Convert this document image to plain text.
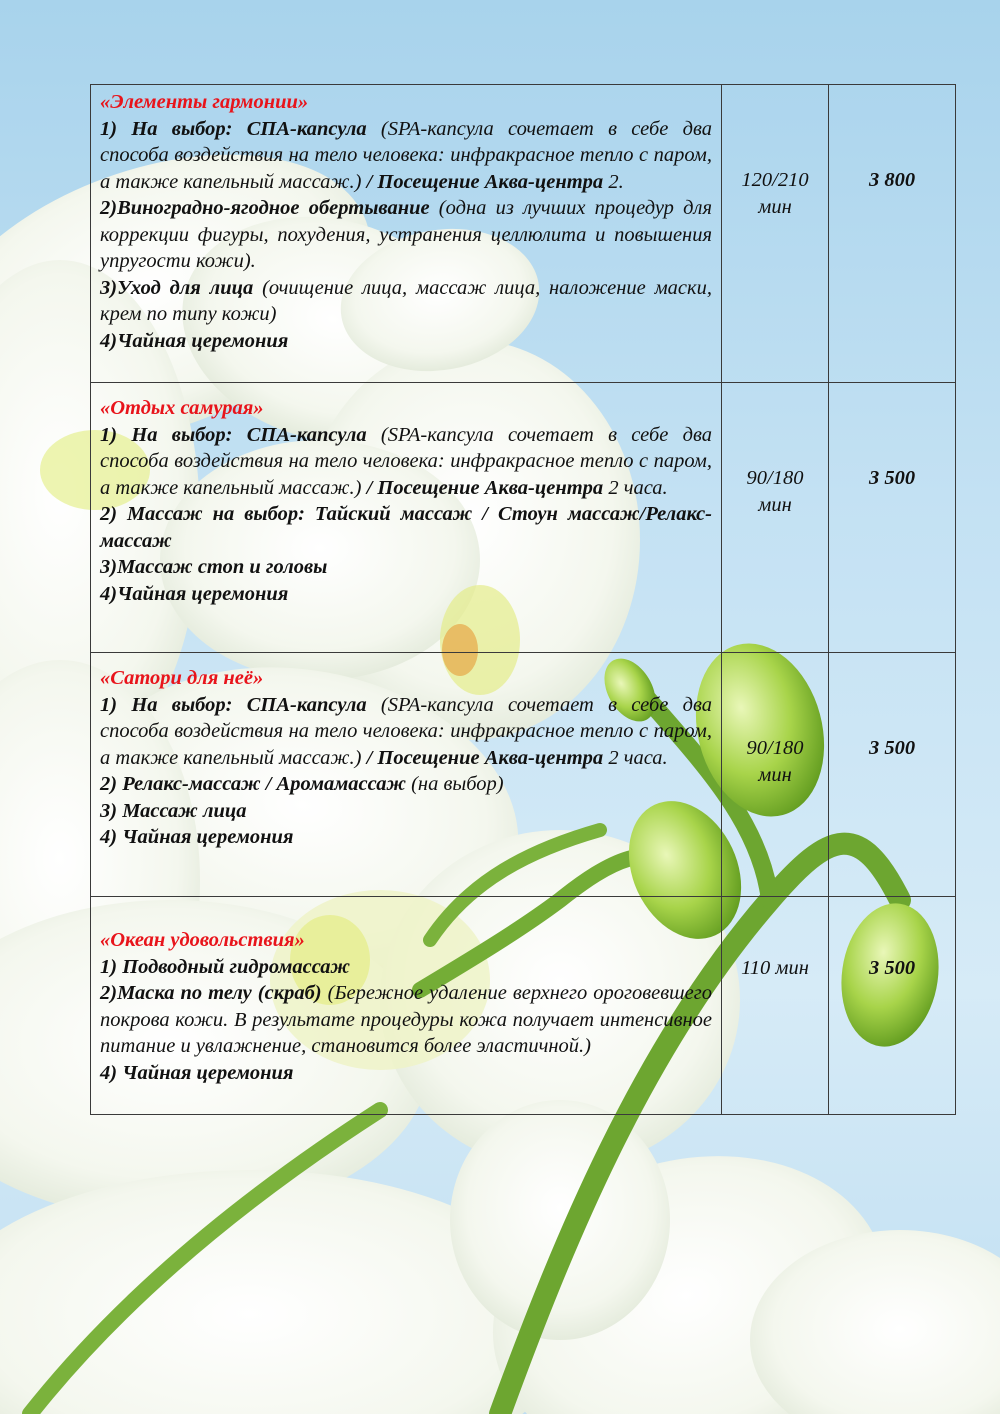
«Элементы гармонии»
1) На выбор: СПА-капсула (SPA-капсула сочетает в себе два способа воздействия на тело человека: инфракрасное тепло с паром, а также капельный массаж.) / Посещение Аква-центра 2.
2)Виноградно-ягодное обертывание (одна из лучших процедур для коррекции фигуры, похудения, устранения целлюлита и повышения упругости кожи).
3)Уход для лица (очищение лица, массаж лица, наложение маски, крем по типу кожи)
4)Чайная церемония	120/210 мин	3 800

«Отдых самурая»
1) На выбор: СПА-капсула (SPA-капсула сочетает в себе два способа воздействия на тело человека: инфракрасное тепло с паром, а также капельный массаж.) / Посещение Аква-центра 2 часа.
2) Массаж на выбор: Тайский массаж / Стоун массаж/Релакс-массаж
3)Массаж стоп и головы
4)Чайная церемония	90/180 мин	3 500

«Сатори для неё»
1) На выбор: СПА-капсула (SPA-капсула сочетает в себе два способа воздействия на тело человека: инфракрасное тепло с паром, а также капельный массаж.) / Посещение Аква-центра 2 часа.
2) Релакс-массаж / Аромамассаж (на выбор)
3) Массаж лица
4) Чайная церемония	90/180 мин	3 500

«Океан удовольствия»
1) Подводный гидромассаж
2)Маска по телу (скраб) (Бережное удаление верхнего ороговевшего покрова кожи. В результате процедуры кожа получает интенсивное питание и увлажнение, становится более эластичной.)
4) Чайная церемония	110 мин	3 500
